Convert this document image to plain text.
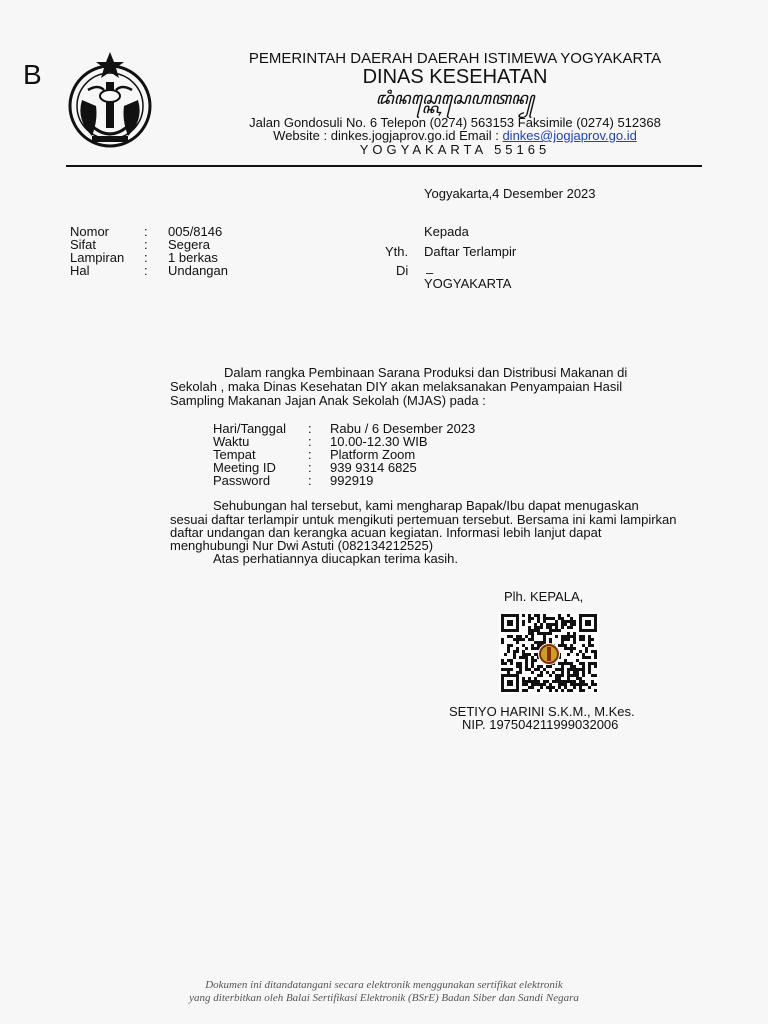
B
PEMERINTAH DAERAH DAERAH ISTIMEWA YOGYAKARTA
DINAS KESEHATAN
ꦢꦶꦤꦱ꧀ꦏꦺꦱꦺꦲꦠꦤ꧀
Jalan Gondosuli No. 6 Telepon (0274) 563153 Faksimile (0274) 512368
Website : dinkes.jogjaprov.go.id Email : dinkes@jogjaprov.go.id
YOGYAKARTA 55165
Yogyakarta,4 Desember 2023
Nomor	: 005/8146
Sifat	: Segera
Lampiran : 1 berkas
Hal	: Undangan
Kepada
Yth. Daftar Terlampir
Di –
YOGYAKARTA
Dalam rangka Pembinaan Sarana Produksi dan Distribusi Makanan di
Sekolah , maka Dinas Kesehatan DIY akan melaksanakan Penyampaian Hasil
Sampling Makanan Jajan Anak Sekolah (MJAS) pada :
Hari/Tanggal : Rabu / 6 Desember 2023
Waktu	: 10.00-12.30 WIB
Tempat	: Platform Zoom
Meeting ID : 939 9314 6825
Password	: 992919
Sehubungan hal tersebut, kami mengharap Bapak/Ibu dapat menugaskan
sesuai daftar terlampir untuk mengikuti pertemuan tersebut. Bersama ini kami lampirkan
daftar undangan dan kerangka acuan kegiatan. Informasi lebih lanjut dapat
menghubungi Nur Dwi Astuti (082134212525)
Atas perhatiannya diucapkan terima kasih.
Plh. KEPALA,
SETIYO HARINI S.K.M., M.Kes.
NIP. 197504211999032006
Dokumen ini ditandatangani secara elektronik menggunakan sertifikat elektronik
yang diterbitkan oleh Balai Sertifikasi Elektronik (BSrE) Badan Siber dan Sandi Negara
